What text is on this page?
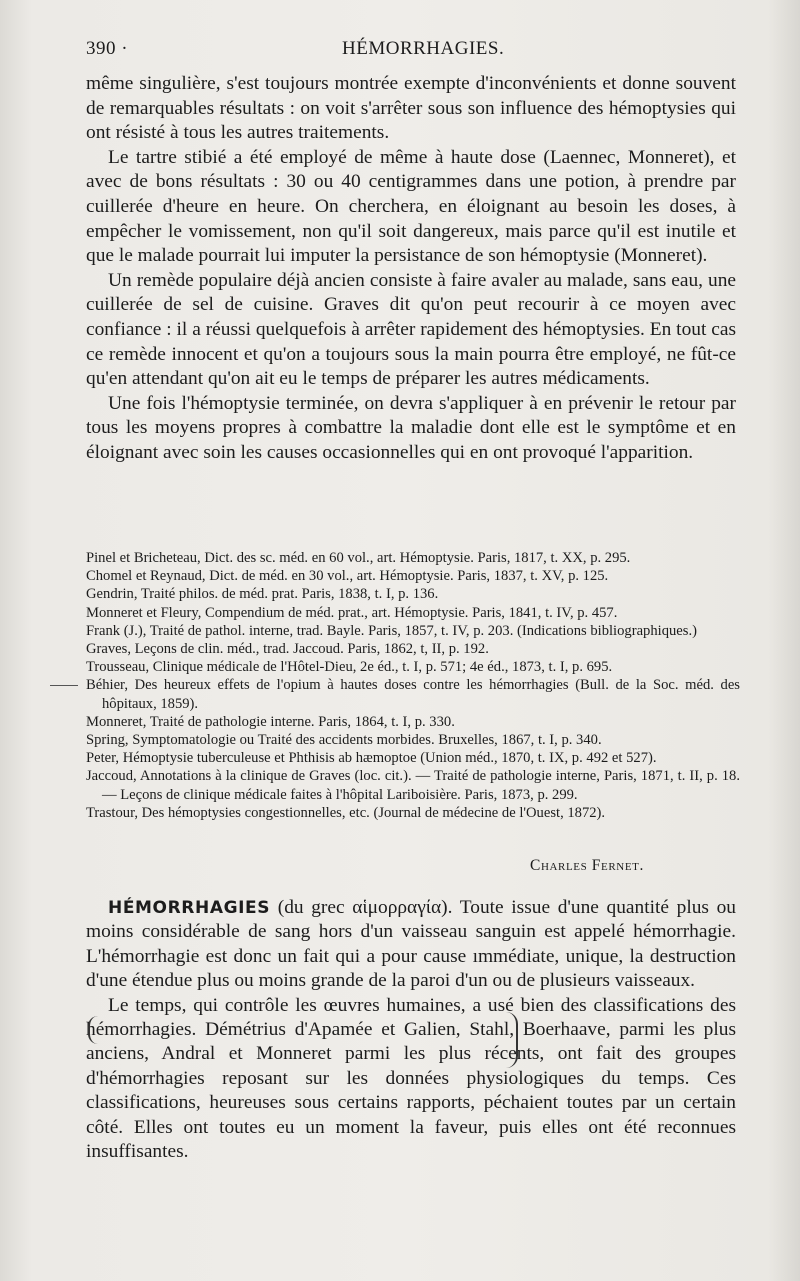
390 ·	HÉMORRHAGIES.

même singulière, s'est toujours montrée exempte d'inconvénients et donne souvent de remarquables résultats : on voit s'arrêter sous son influence des hémoptysies qui ont résisté à tous les autres traitements.

Le tartre stibié a été employé de même à haute dose (Laennec, Monneret), et avec de bons résultats : 30 ou 40 centigrammes dans une potion, à prendre par cuillerée d'heure en heure. On cherchera, en éloignant au besoin les doses, à empêcher le vomissement, non qu'il soit dangereux, mais parce qu'il est inutile et que le malade pourrait lui imputer la persistance de son hémoptysie (Monneret).

Un remède populaire déjà ancien consiste à faire avaler au malade, sans eau, une cuillerée de sel de cuisine. Graves dit qu'on peut recourir à ce moyen avec confiance : il a réussi quelquefois à arrêter rapidement des hémoptysies. En tout cas ce remède innocent et qu'on a toujours sous la main pourra être employé, ne fût-ce qu'en attendant qu'on ait eu le temps de préparer les autres médicaments.

Une fois l'hémoptysie terminée, on devra s'appliquer à en prévenir le retour par tous les moyens propres à combattre la maladie dont elle est le symptôme et en éloignant avec soin les causes occasionnelles qui en ont provoqué l'apparition.

Pinel et Bricheteau, Dict. des sc. méd. en 60 vol., art. Hémoptysie. Paris, 1817, t. XX, p. 295.
Chomel et Reynaud, Dict. de méd. en 30 vol., art. Hémoptysie. Paris, 1837, t. XV, p. 125.
Gendrin, Traité philos. de méd. prat. Paris, 1838, t. I, p. 136.
Monneret et Fleury, Compendium de méd. prat., art. Hémoptysie. Paris, 1841, t. IV, p. 457.
Frank (J.), Traité de pathol. interne, trad. Bayle. Paris, 1857, t. IV, p. 203. (Indications bibliographiques.)
Graves, Leçons de clin. méd., trad. Jaccoud. Paris, 1862, t, II, p. 192.
Trousseau, Clinique médicale de l'Hôtel-Dieu, 2e éd., t. I, p. 571; 4e éd., 1873, t. I, p. 695.
Béhier, Des heureux effets de l'opium à hautes doses contre les hémorrhagies (Bull. de la Soc. méd. des hôpitaux, 1859).
Monneret, Traité de pathologie interne. Paris, 1864, t. I, p. 330.
Spring, Symptomatologie ou Traité des accidents morbides. Bruxelles, 1867, t. I, p. 340.
Peter, Hémoptysie tuberculeuse et Phthisis ab hæmoptoe (Union méd., 1870, t. IX, p. 492 et 527).
Jaccoud, Annotations à la clinique de Graves (loc. cit.). — Traité de pathologie interne, Paris, 1871, t. II, p. 18. — Leçons de clinique médicale faites à l'hôpital Lariboisière. Paris, 1873, p. 299.
Trastour, Des hémoptysies congestionnelles, etc. (Journal de médecine de l'Ouest, 1872).
Charles Fernet.

HÉMORRHAGIES (du grec αἱμορραγία). Toute issue d'une quantité plus ou moins considérable de sang hors d'un vaisseau sanguin est appelé hémorrhagie. L'hémorrhagie est donc un fait qui a pour cause ımmédiate, unique, la destruction d'une étendue plus ou moins grande de la paroi d'un ou de plusieurs vaisseaux.

Le temps, qui contrôle les œuvres humaines, a usé bien des classifications des hémorrhagies. Démétrius d'Apamée et Galien, Stahl, Boerhaave, parmi les plus anciens, Andral et Monneret parmi les plus récents, ont fait des groupes d'hémorrhagies reposant sur les données physiologiques du temps. Ces classifications, heureuses sous certains rapports, péchaient toutes par un certain côté. Elles ont toutes eu un moment la faveur, puis elles ont été reconnues insuffisantes.
